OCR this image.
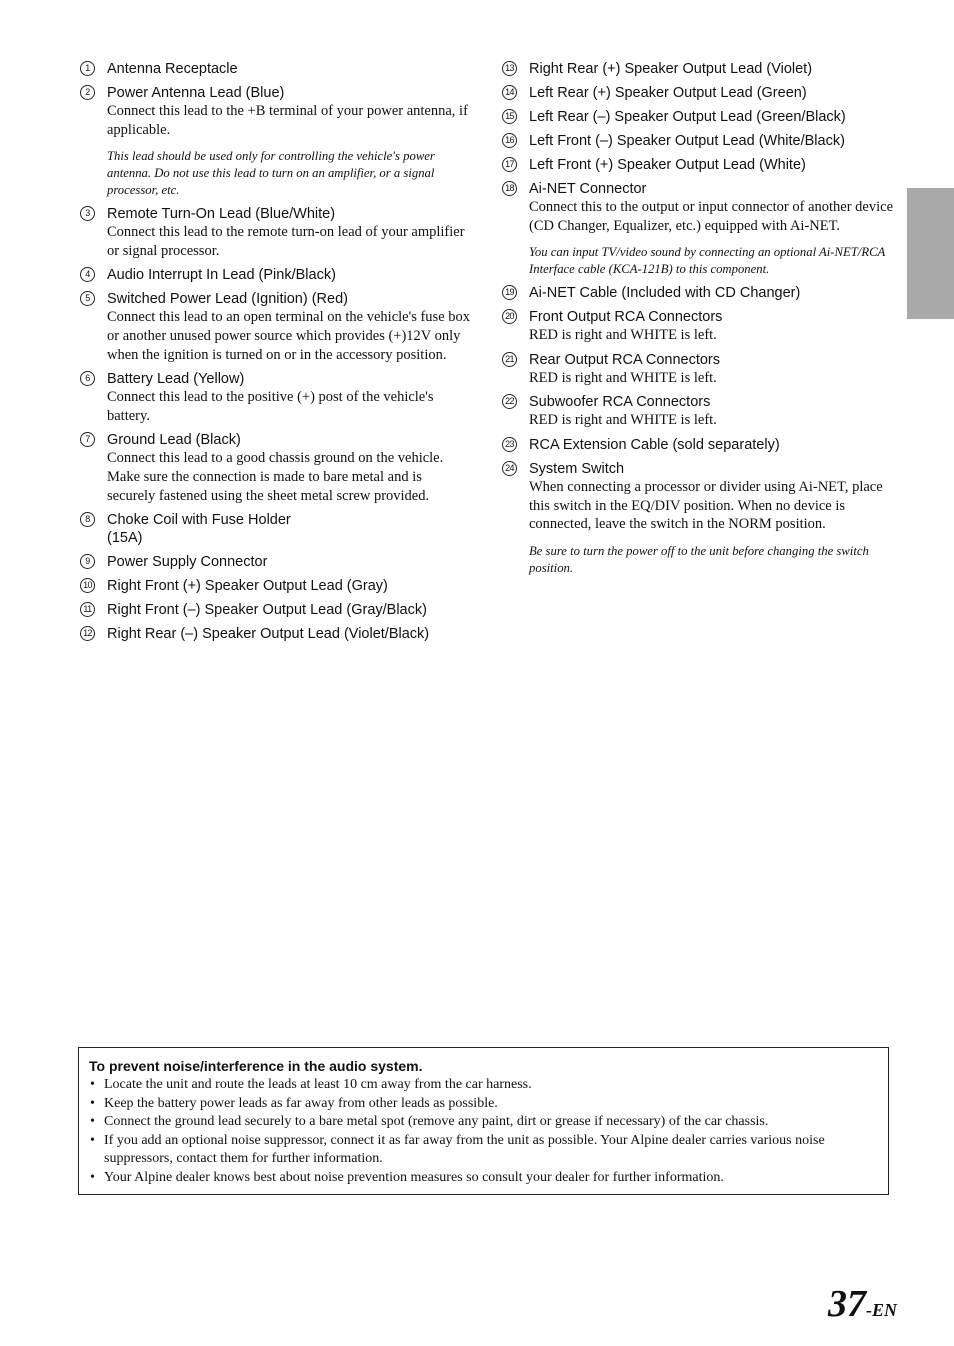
1	Antenna Receptacle
2	Power Antenna Lead (Blue)
Connect this lead to the +B terminal of your power antenna, if applicable.
This lead should be used only for controlling the vehicle's power antenna. Do not use this lead to turn on an amplifier, or a signal processor, etc.
3	Remote Turn-On Lead (Blue/White)
Connect this lead to the remote turn-on lead of your amplifier or signal processor.
4	Audio Interrupt In Lead (Pink/Black)
5	Switched Power Lead (Ignition) (Red)
Connect this lead to an open terminal on the vehicle's fuse box or another unused power source which provides (+)12V only when the ignition is turned on or in the accessory position.
6	Battery Lead (Yellow)
Connect this lead to the positive (+) post of the vehicle's battery.
7	Ground Lead (Black)
Connect this lead to a good chassis ground on the vehicle. Make sure the connection is made to bare metal and is securely fastened using the sheet metal screw provided.
8	Choke Coil with Fuse Holder
(15A)
9	Power Supply Connector
10 Right Front (+) Speaker Output Lead (Gray)
11 Right Front (–) Speaker Output Lead (Gray/Black)
12 Right Rear (–) Speaker Output Lead (Violet/Black)
13 Right Rear (+) Speaker Output Lead (Violet)
14 Left Rear (+) Speaker Output Lead (Green)
15 Left Rear (–) Speaker Output Lead (Green/Black)
16 Left Front (–) Speaker Output Lead (White/Black)
17 Left Front (+) Speaker Output Lead (White)
18 Ai-NET Connector
Connect this to the output or input connector of another device (CD Changer, Equalizer, etc.) equipped with Ai-NET.
You can input TV/video sound by connecting an optional Ai-NET/RCA Interface cable (KCA-121B) to this component.
19 Ai-NET Cable (Included with CD Changer)
20 Front Output RCA Connectors
RED is right and WHITE is left.
21 Rear Output RCA Connectors
RED is right and WHITE is left.
22 Subwoofer RCA Connectors
RED is right and WHITE is left.
23 RCA Extension Cable (sold separately)
24 System Switch
When connecting a processor or divider using Ai-NET, place this switch in the EQ/DIV position. When no device is connected, leave the switch in the NORM position.
Be sure to turn the power off to the unit before changing the switch position.
To prevent noise/interference in the audio system.
• Locate the unit and route the leads at least 10 cm away from the car harness.
• Keep the battery power leads as far away from other leads as possible.
• Connect the ground lead securely to a bare metal spot (remove any paint, dirt or grease if necessary) of the car chassis.
• If you add an optional noise suppressor, connect it as far away from the unit as possible. Your Alpine dealer carries various noise suppressors, contact them for further information.
• Your Alpine dealer knows best about noise prevention measures so consult your dealer for further information.
37-EN
